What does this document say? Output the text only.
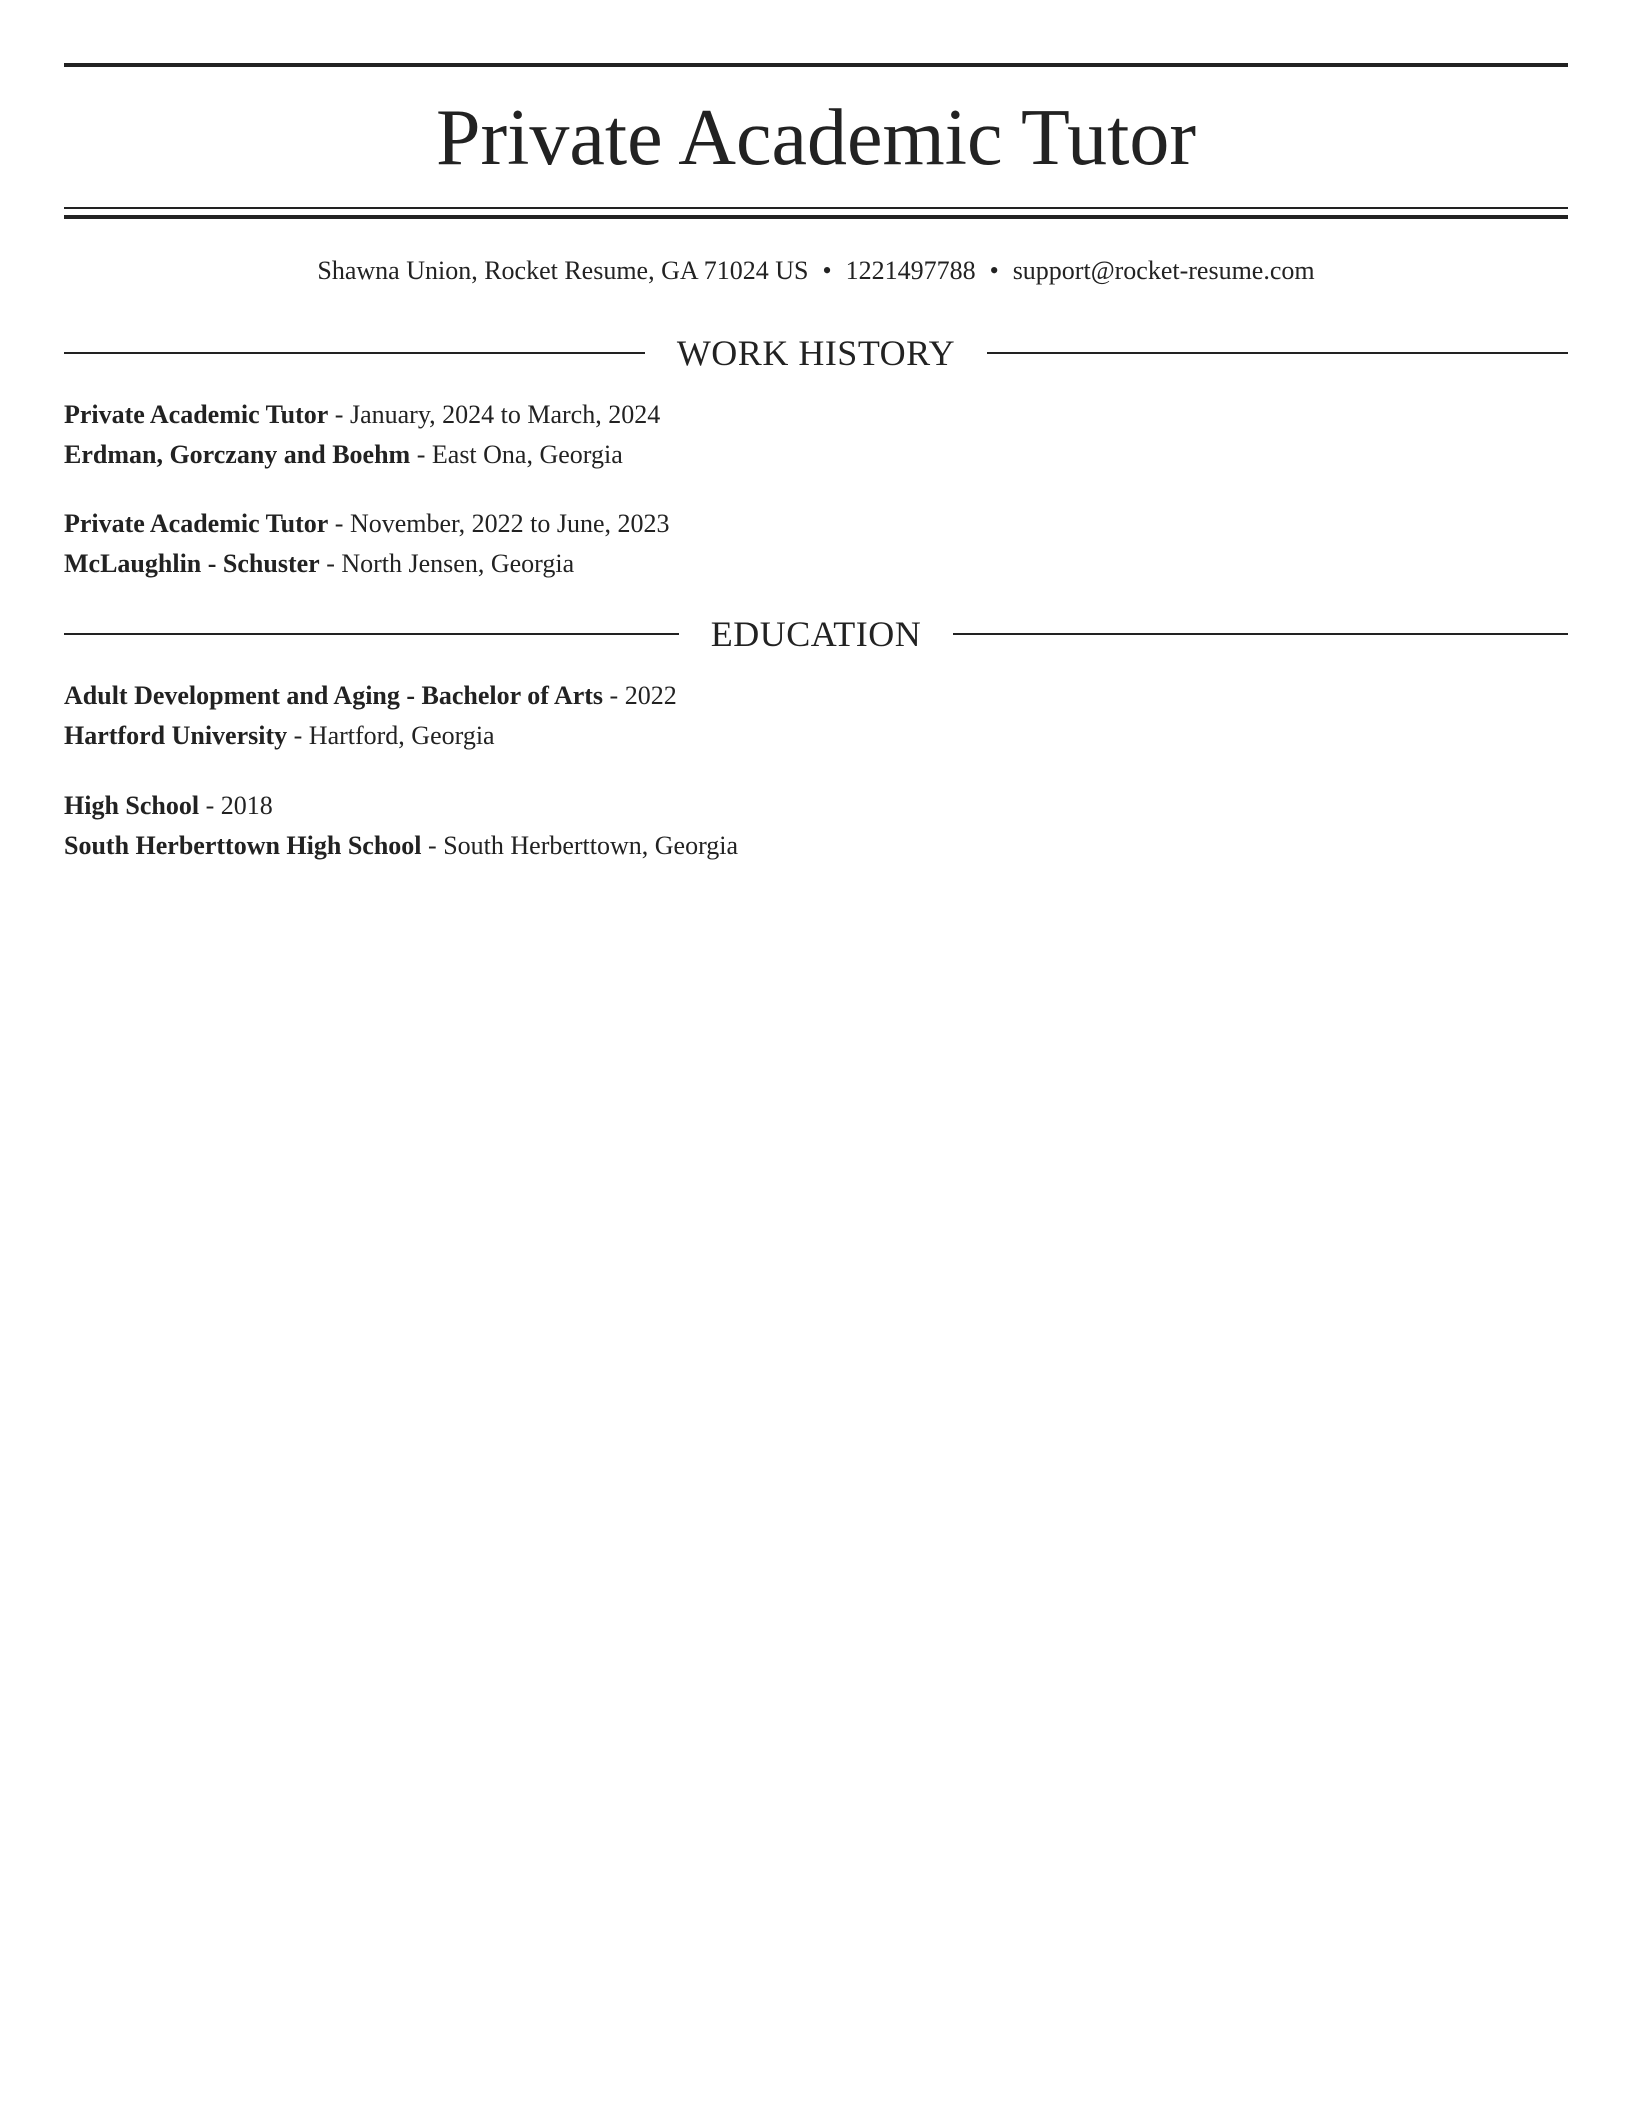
Private Academic Tutor
Shawna Union, Rocket Resume, GA 71024 US • 1221497788 • support@rocket-resume.com
WORK HISTORY
Private Academic Tutor - January, 2024 to March, 2024
Erdman, Gorczany and Boehm - East Ona, Georgia
Private Academic Tutor - November, 2022 to June, 2023
McLaughlin - Schuster - North Jensen, Georgia
EDUCATION
Adult Development and Aging - Bachelor of Arts - 2022
Hartford University - Hartford, Georgia
High School - 2018
South Herberttown High School - South Herberttown, Georgia
